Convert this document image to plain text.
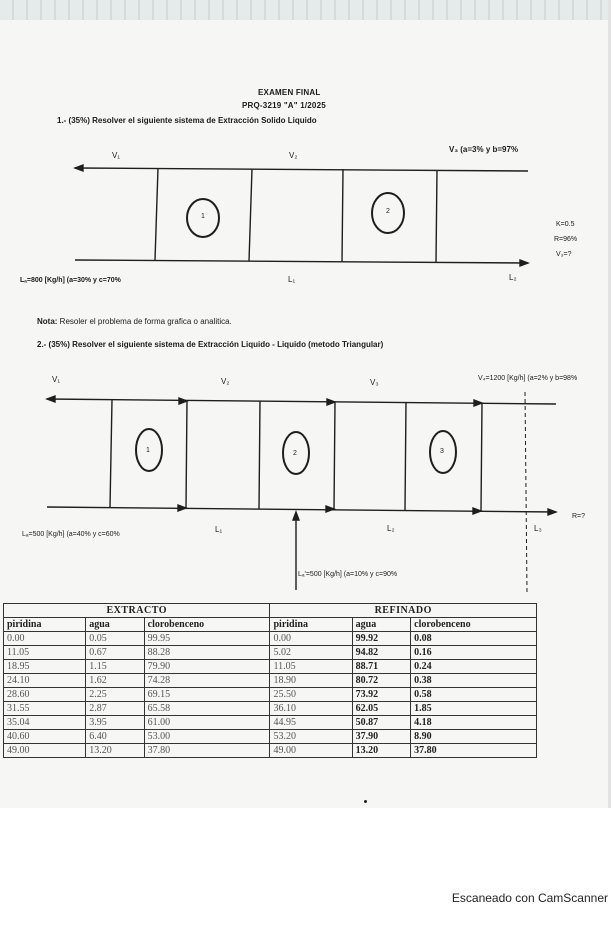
EXAMEN FINAL
PRQ-3219 "A" 1/2025
1.- (35%) Resolver el siguiente sistema de Extracción Solido Liquido
V₁	V₂
V₃ (a=3% y b=97%
1
2
K=0.5
R=96%
V₃=?
Lₐ=800 [Kg/h] (a=30% y c=70%	L₁	L₂
Nota: Resoler el problema de forma grafica o analitica.
2.- (35%) Resolver el siguiente sistema de Extracción Liquido - Liquido (metodo Triangular)
V₁	V₂	V₃	V₄=1200 [Kg/h] (a=2% y b=98%
1	2	3
Lₐ=500 [Kg/h] (a=40% y c=60%
L₁	L₂	L₃
R=?
Lₐ'=500 [Kg/h] (a=10% y c=90%
EXTRACTO			REFINADO		
piridina	agua	clorobenceno	piridina	agua	clorobenceno
0.00	0.05	99.95	0.00	99.92	0.08
11.05	0.67	88.28	5.02	94.82	0.16
18.95	1.15	79.90	11.05	88.71	0.24
24.10	1.62	74.28	18.90	80.72	0.38
28.60	2.25	69.15	25.50	73.92	0.58
31.55	2.87	65.58	36.10	62.05	1.85
35.04	3.95	61.00	44.95	50.87	4.18
40.60	6.40	53.00	53.20	37.90	8.90
49.00	13.20	37.80	49.00	13.20	37.80
Escaneado con CamScanner
